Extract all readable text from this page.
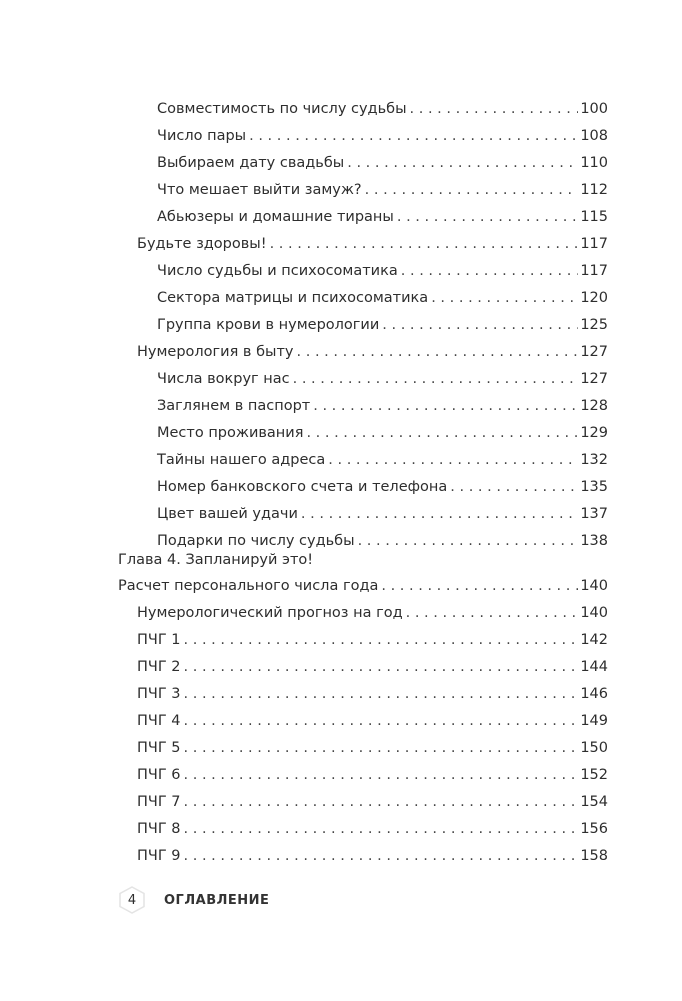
Совместимость по числу судьбы . . .	100
Число пары . . .	108
Выбираем дату свадьбы . . .	110
Что мешает выйти замуж? . . .	112
Абьюзеры и домашние тираны . . .	115
Будьте здоровы! . . .	117
Число судьбы и психосоматика . . .	117
Сектора матрицы и психосоматика . . .	120
Группа крови в нумерологии . . .	125
Нумерология в быту . . .	127
Числа вокруг нас . . .	127
Заглянем в паспорт . . .	128
Место проживания . . .	129
Тайны нашего адреса . . .	132
Номер банковского счета и телефона . . .	135
Цвет вашей удачи . . .	137
Подарки по числу судьбы . . .	138
Глава 4. Запланируй это!
Расчет персонального числа года . . .	140
Нумерологический прогноз на год . . .	140
ПЧГ 1 . . .	142
ПЧГ 2 . . .	144
ПЧГ 3 . . .	146
ПЧГ 4 . . .	149
ПЧГ 5 . . .	150
ПЧГ 6 . . .	152
ПЧГ 7 . . .	154
ПЧГ 8 . . .	156
ПЧГ 9 . . .	158
4 ОГЛАВЛЕНИЕ
